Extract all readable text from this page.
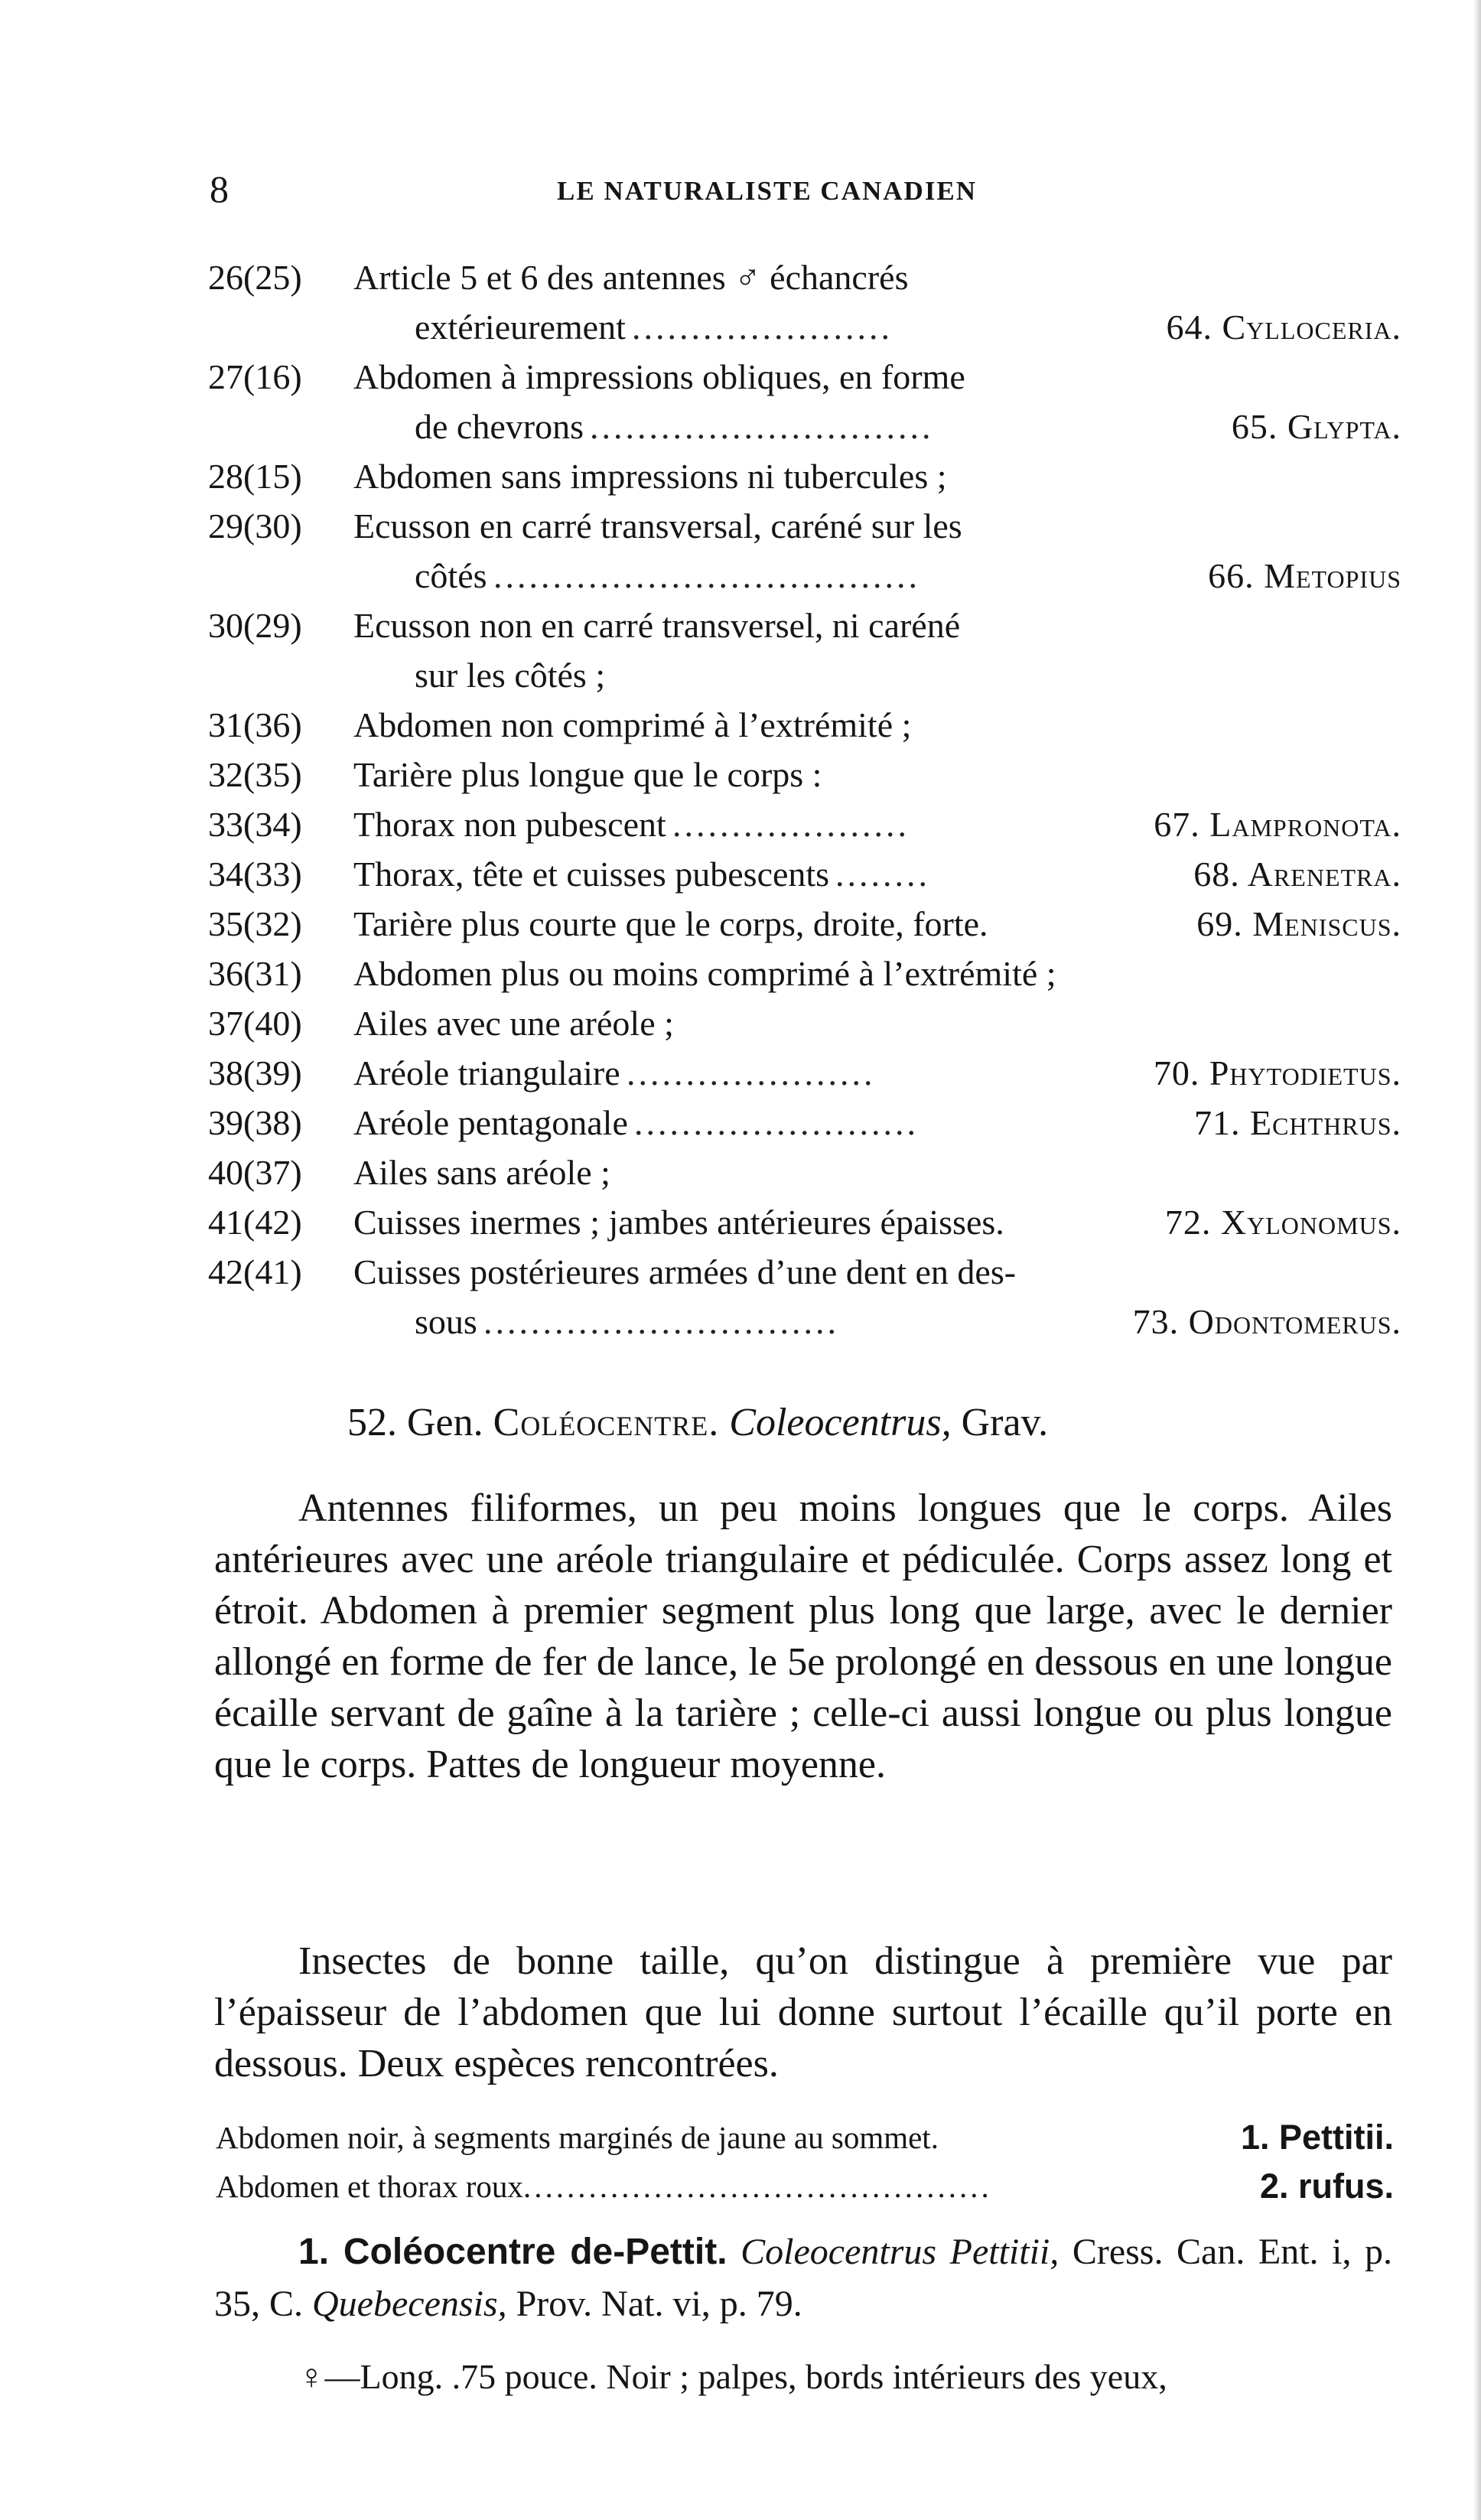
8	LE NATURALISTE CANADIEN
26(25)	Article 5 et 6 des antennes ♂ échancrés
extérieurement ......................	64. Cylloceria.
27(16)	Abdomen à impressions obliques, en forme
de chevrons .............................	65. Glypta.
28(15)	Abdomen sans impressions ni tubercules ;
29(30)	Ecusson en carré transversal, caréné sur les
côtés ....................................	66. Metopius
30(29)	Ecusson non en carré transversel, ni caréné
sur les côtés ;
31(36)	Abdomen non comprimé à l’extrémité ;
32(35)	Tarière plus longue que le corps :
33(34)	Thorax non pubescent ....................	67. Lampronota.
34(33)	Thorax, tête et cuisses pubescents ........	68. Arenetra.
35(32)	Tarière plus courte que le corps, droite, forte.	69. Meniscus.
36(31)	Abdomen plus ou moins comprimé à l’extrémité ;
37(40)	Ailes avec une aréole ;
38(39)	Aréole triangulaire .....................	70. Phytodietus.
39(38)	Aréole pentagonale ........................	71. Echthrus.
40(37)	Ailes sans aréole ;
41(42)	Cuisses inermes ; jambes antérieures épaisses.	72. Xylonomus.
42(41)	Cuisses postérieures armées d’une dent en des-
sous ..............................	73. Odontomerus.
52. Gen. Coléocentre. Coleocentrus, Grav.
Antennes filiformes, un peu moins longues que le corps. Ailes antérieures avec une aréole triangulaire et pédiculée. Corps assez long et étroit. Abdomen à premier segment plus long que large, avec le dernier allongé en forme de fer de lance, le 5e prolongé en dessous en une longue écaille servant de gaîne à la tarière ; celle-ci aussi longue ou plus longue que le corps. Pattes de longueur moyenne.
Insectes de bonne taille, qu’on distingue à première vue par l’épaisseur de l’abdomen que lui donne surtout l’écaille qu’il porte en dessous. Deux espèces rencontrées.
Abdomen noir, à segments marginés de jaune au sommet.	1. Pettitii.
Abdomen et thorax roux...........................................	2. rufus.
1. Coléocentre de-Pettit. Coleocentrus Pettitii, Cress. Can. Ent. i, p. 35, C. Quebecensis, Prov. Nat. vi, p. 79.
♀—Long. .75 pouce. Noir ; palpes, bords intérieurs des yeux,
